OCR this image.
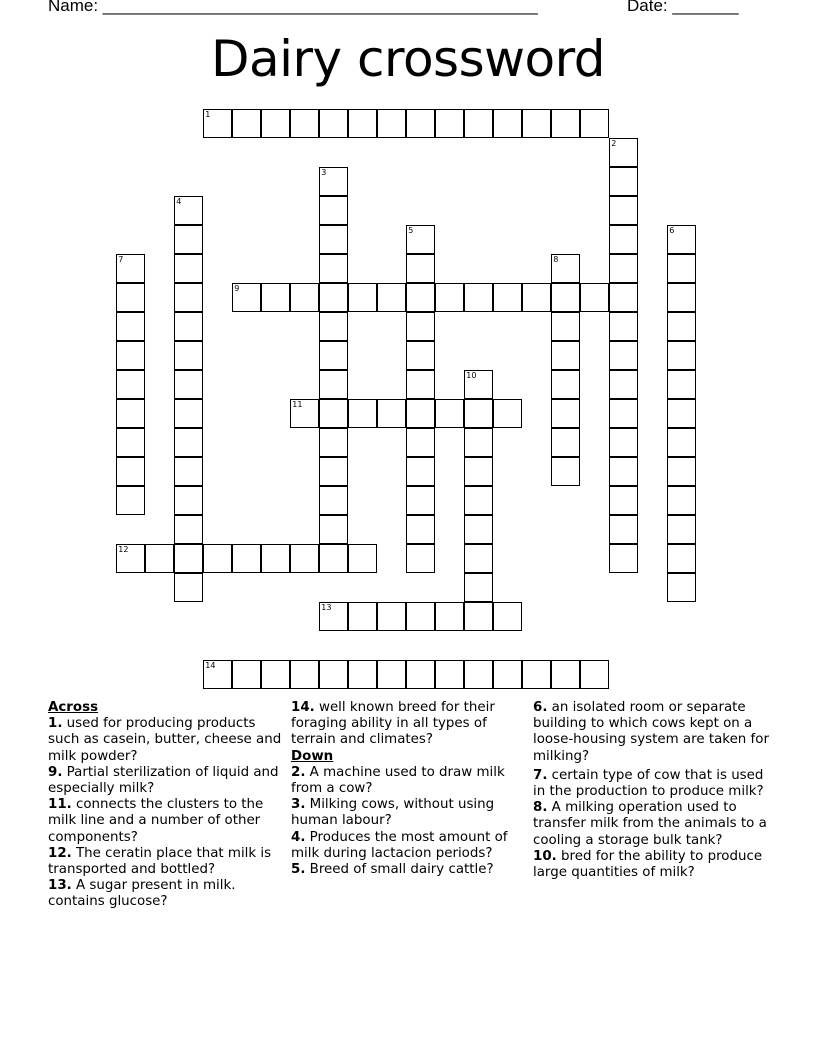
Name: ______________________________________________	Date: _______
Dairy crossword
1
2
3
4
5	6
7	8
9
10
11
12
13
14
Across
1. used for producing products such as casein, butter, cheese and milk powder?
9. Partial sterilization of liquid and especially milk?
11. connects the clusters to the milk line and a number of other components?
12. The ceratin place that milk is transported and bottled?
13. A sugar present in milk. contains glucose?
14. well known breed for their foraging ability in all types of terrain and climates?
Down
2. A machine used to draw milk from a cow?
3. Milking cows, without using human labour?
4. Produces the most amount of milk during lactacion periods?
5. Breed of small dairy cattle?
6. an isolated room or separate building to which cows kept on a loose-housing system are taken for milking?
7. certain type of cow that is used in the production to produce milk?
8. A milking operation used to transfer milk from the animals to a cooling a storage bulk tank?
10. bred for the ability to produce large quantities of milk?
